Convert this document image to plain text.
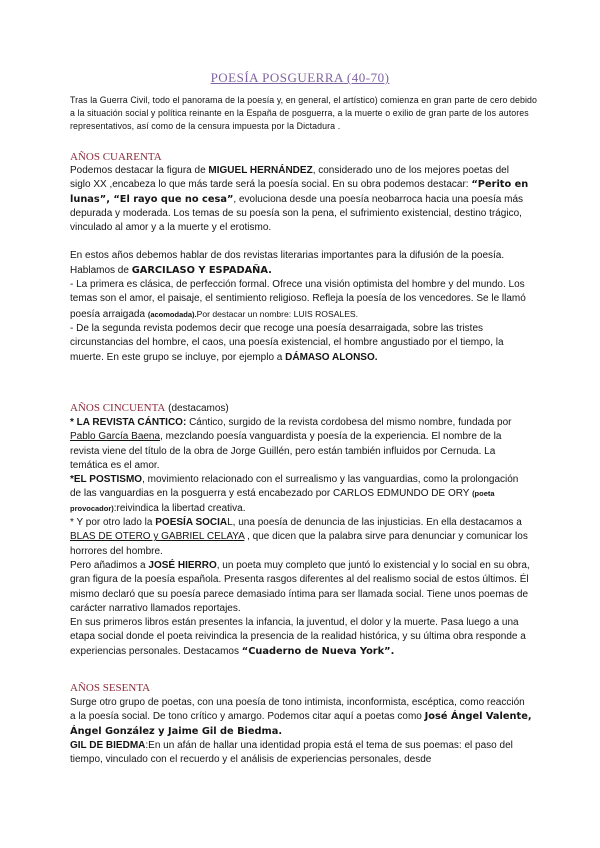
POESÍA POSGUERRA (40-70)
Tras la Guerra Civil, todo el panorama de la poesía y, en general, el artístico) comienza en gran parte de cero debido a la situación social y política reinante en la España de posguerra, a la muerte o exilio de gran parte de los autores representativos, así como de la censura impuesta por la Dictadura .
AÑOS CUARENTA

Podemos destacar la figura de MIGUEL HERNÁNDEZ, considerado uno de los mejores poetas del siglo XX ,encabeza lo que más tarde será la poesía social. En su obra podemos destacar: “Perito en lunas”, “El rayo que no cesa”, evoluciona desde una poesía neobarroca hacia una poesía más depurada y moderada. Los temas de su poesía son la pena, el sufrimiento existencial, destino trágico, vinculado al amor y a la muerte y el erotismo.

En estos años debemos hablar de dos revistas literarias importantes para la difusión de la poesía. Hablamos de GARCILASO Y ESPADAÑA.

- La primera es clásica, de perfección formal. Ofrece una visión optimista del hombre y del mundo. Los temas son el amor, el paisaje, el sentimiento religioso. Refleja la poesía de los vencedores. Se le llamó poesía arraigada (acomodada).Por destacar un nombre: LUIS ROSALES.

- De la segunda revista podemos decir que recoge una poesía desarraigada, sobre las tristes circunstancias del hombre, el caos, una poesía existencial, el hombre angustiado por el tiempo, la muerte. En este grupo se incluye, por ejemplo a DÁMASO ALONSO.

AÑOS CINCUENTA (destacamos)

* LA REVISTA CÁNTICO: Cántico, surgido de la revista cordobesa del mismo nombre, fundada por Pablo García Baena, mezclando poesía vanguardista y poesía de la experiencia. El nombre de la revista viene del título de la obra de Jorge Guillén, pero están también influidos por Cernuda. La temática es el amor.

*EL POSTISMO, movimiento relacionado con el surrealismo y las vanguardias, como la prolongación de las vanguardias en la posguerra y está encabezado por CARLOS EDMUNDO DE ORY (poeta provocador):reivindica la libertad creativa.

* Y por otro lado la POESÍA SOCIAL, una poesía de denuncia de las injusticias. En ella destacamos a BLAS DE OTERO y GABRIEL CELAYA , que dicen que la palabra sirve para denunciar y comunicar los horrores del hombre.

Pero añadimos a JOSÉ HIERRO, un poeta muy completo que juntó lo existencial y lo social en su obra, gran figura de la poesía española. Presenta rasgos diferentes al del realismo social de estos últimos. Él mismo declaró que su poesía parece demasiado íntima para ser llamada social. Tiene unos poemas de carácter narrativo llamados reportajes.

En sus primeros libros están presentes la infancia, la juventud, el dolor y la muerte. Pasa luego a una etapa social donde el poeta reivindica la presencia de la realidad histórica, y su última obra responde a experiencias personales. Destacamos “Cuaderno de Nueva York”.

AÑOS SESENTA

Surge otro grupo de poetas, con una poesía de tono intimista, inconformista, escéptica, como reacción a la poesía social. De tono crítico y amargo. Podemos citar aquí a poetas como José Ángel Valente, Ángel González y Jaime Gil de Biedma.

GIL DE BIEDMA:En un afán de hallar una identidad propia está el tema de sus poemas: el paso del tiempo, vinculado con el recuerdo y el análisis de experiencias personales, desde
